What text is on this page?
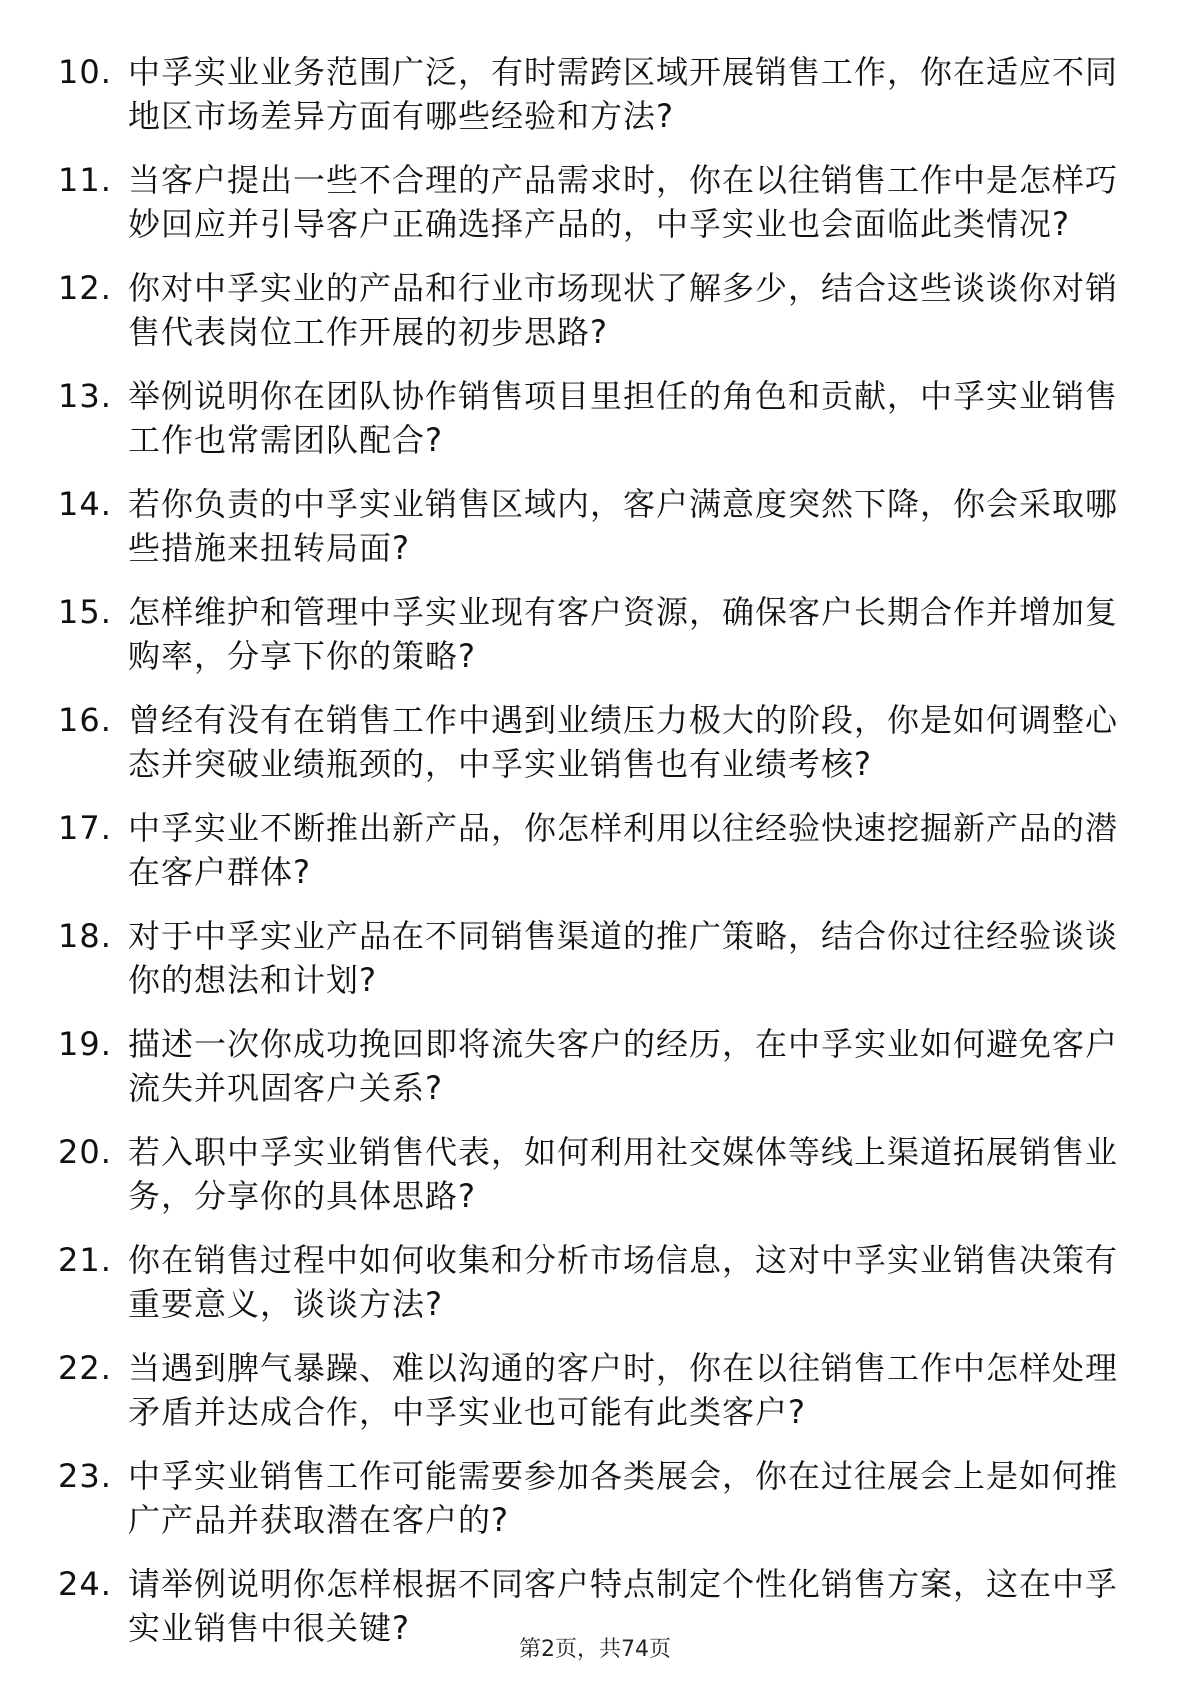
10. 中孚实业业务范围广泛，有时需跨区域开展销售工作，你在适应不同地区市场差异方面有哪些经验和方法?
11. 当客户提出一些不合理的产品需求时，你在以往销售工作中是怎样巧妙回应并引导客户正确选择产品的，中孚实业也会面临此类情况?
12. 你对中孚实业的产品和行业市场现状了解多少，结合这些谈谈你对销售代表岗位工作开展的初步思路?
13. 举例说明你在团队协作销售项目里担任的角色和贡献，中孚实业销售工作也常需团队配合?
14. 若你负责的中孚实业销售区域内，客户满意度突然下降，你会采取哪些措施来扭转局面?
15. 怎样维护和管理中孚实业现有客户资源，确保客户长期合作并增加复购率，分享下你的策略?
16. 曾经有没有在销售工作中遇到业绩压力极大的阶段，你是如何调整心态并突破业绩瓶颈的，中孚实业销售也有业绩考核?
17. 中孚实业不断推出新产品，你怎样利用以往经验快速挖掘新产品的潜在客户群体?
18. 对于中孚实业产品在不同销售渠道的推广策略，结合你过往经验谈谈你的想法和计划?
19. 描述一次你成功挽回即将流失客户的经历，在中孚实业如何避免客户流失并巩固客户关系?
20. 若入职中孚实业销售代表，如何利用社交媒体等线上渠道拓展销售业务，分享你的具体思路?
21. 你在销售过程中如何收集和分析市场信息，这对中孚实业销售决策有重要意义，谈谈方法?
22. 当遇到脾气暴躁、难以沟通的客户时，你在以往销售工作中怎样处理矛盾并达成合作，中孚实业也可能有此类客户?
23. 中孚实业销售工作可能需要参加各类展会，你在过往展会上是如何推广产品并获取潜在客户的?
24. 请举例说明你怎样根据不同客户特点制定个性化销售方案，这在中孚实业销售中很关键?
第2页，共74页
